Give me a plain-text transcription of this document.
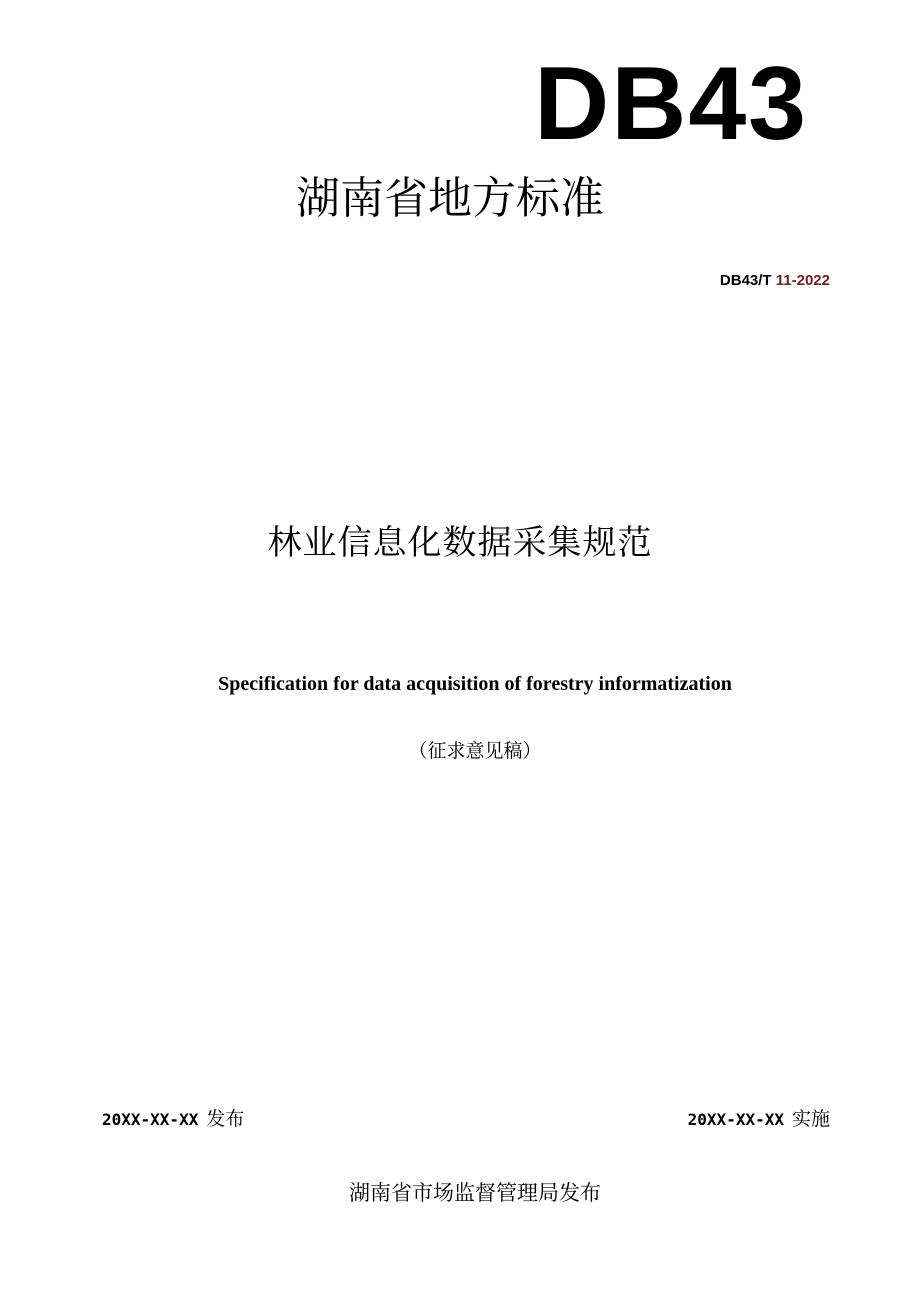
DB43
湖南省地方标准
DB43/T 11-2022
林业信息化数据采集规范
Specification for data acquisition of forestry informatization
（征求意见稿）
20XX-XX-XX 发布	20XX-XX-XX 实施
湖南省市场监督管理局发布
